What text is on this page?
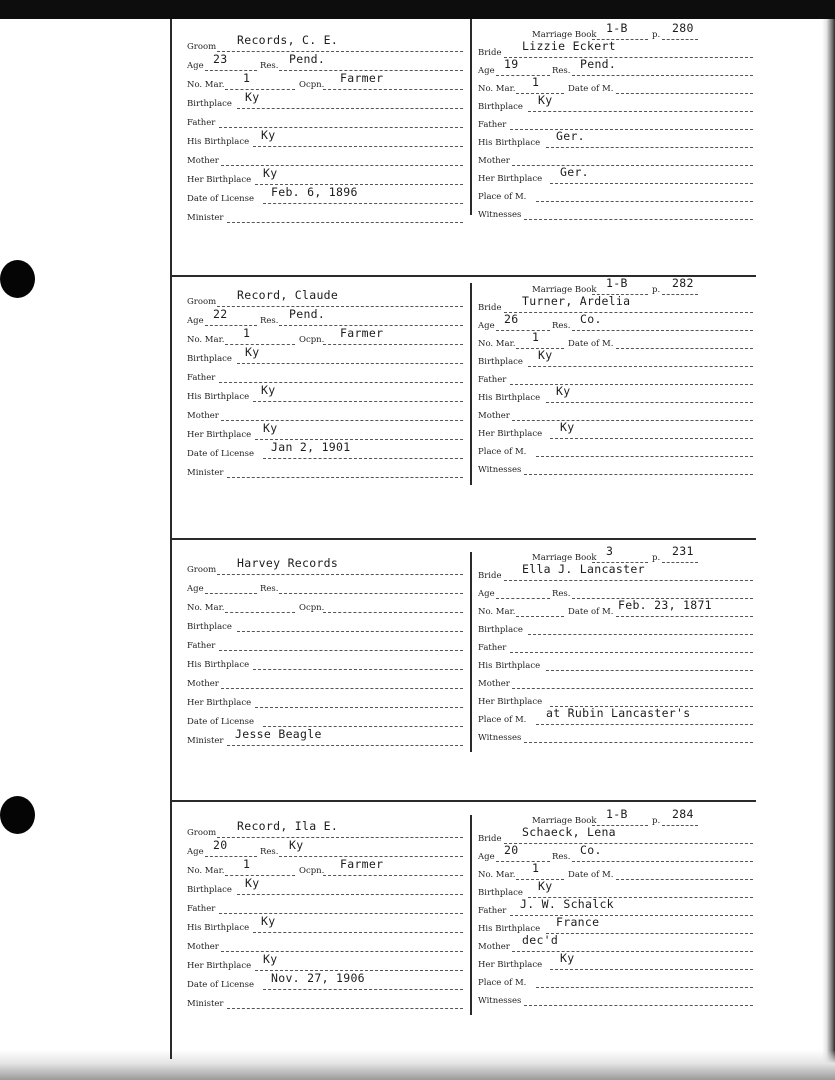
Groom Records, C. E.
Age 23	Res. Pend.
No. Mar. 1	Ocpn. Farmer
Birthplace Ky
Father
His Birthplace Ky
Mother
Her Birthplace Ky
Date of License Feb. 6, 1896
Minister
Marriage Book 1-B	p. 280
Bride Lizzie Eckert
Age 19	Res. Pend.
No. Mar. 1	Date of M.
Birthplace Ky
Father
His Birthplace Ger.
Mother
Her Birthplace Ger.
Place of M.
Witnesses
Groom Record, Claude
Age 22	Res. Pend.
No. Mar. 1	Ocpn. Farmer
Birthplace Ky
Father
His Birthplace Ky
Mother
Her Birthplace Ky
Date of License Jan 2, 1901
Minister
Marriage Book 1-B	p. 282
Bride Turner, Ardelia
Age 26	Res. Co.
No. Mar. 1	Date of M.
Birthplace Ky
Father
His Birthplace Ky
Mother
Her Birthplace Ky
Place of M.
Witnesses
Groom Harvey Records
Age	Res.
No. Mar.	Ocpn.
Birthplace
Father
His Birthplace
Mother
Her Birthplace
Date of License
Minister Jesse Beagle
Marriage Book 3	p. 231
Bride Ella J. Lancaster
Age	Res.
No. Mar.	Date of M. Feb. 23, 1871
Birthplace
Father
His Birthplace
Mother
Her Birthplace
Place of M. at Rubin Lancaster's
Witnesses
Groom Record, Ila E.
Age 20	Res. Ky
No. Mar. 1	Ocpn. Farmer
Birthplace Ky
Father
His Birthplace Ky
Mother
Her Birthplace Ky
Date of License Nov. 27, 1906
Minister
Marriage Book 1-B	p. 284
Bride Schaeck, Lena
Age 20	Res. Co.
No. Mar. 1	Date of M.
Birthplace Ky
Father J. W. Schalck
His Birthplace France
Mother dec'd
Her Birthplace Ky
Place of M.
Witnesses
